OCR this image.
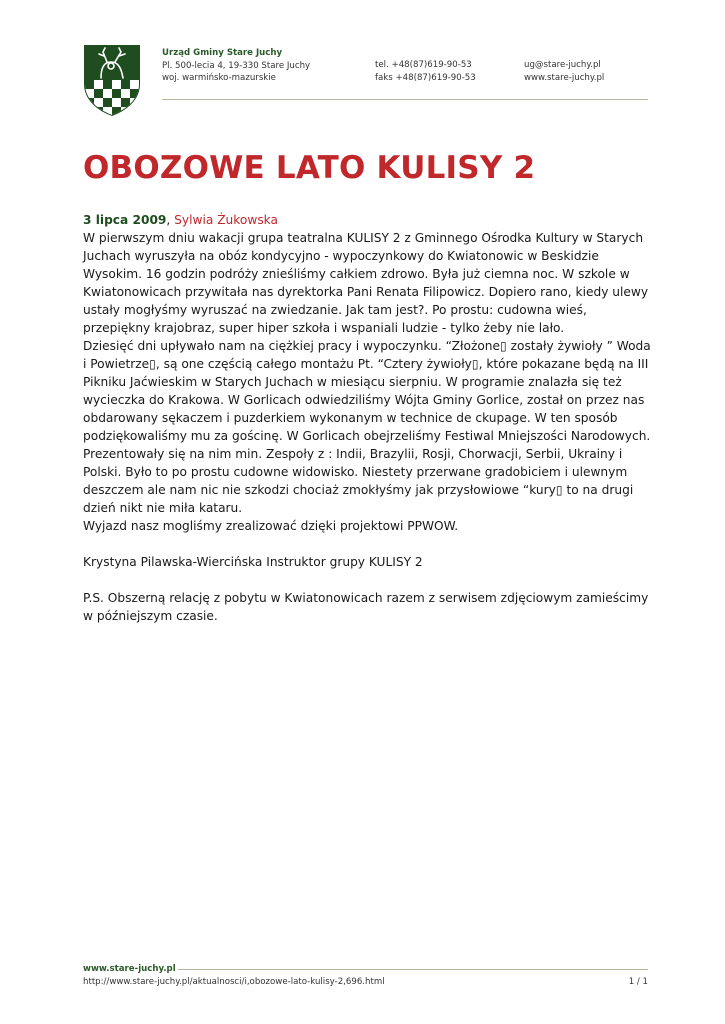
Urząd Gminy Stare Juchy
Pl. 500-lecia 4, 19-330 Stare Juchy
woj. warmińsko-mazurskie
tel. +48(87)619-90-53
faks +48(87)619-90-53
ug@stare-juchy.pl
www.stare-juchy.pl
OBOZOWE LATO KULISY 2
3 lipca 2009, Sylwia Żukowska

W pierwszym dniu wakacji grupa teatralna KULISY 2 z Gminnego Ośrodka Kultury w Starych Juchach wyruszyła na obóz kondycyjno - wypoczynkowy do Kwiatonowic w Beskidzie Wysokim. 16 godzin podróży znieśliśmy całkiem zdrowo. Była już ciemna noc. W szkole w Kwiatonowicach przywitała nas dyrektorka Pani Renata Filipowicz. Dopiero rano, kiedy ulewy ustały mogłyśmy wyruszać na zwiedzanie. Jak tam jest?. Po prostu: cudowna wieś, przepiękny krajobraz, super hiper szkoła i wspaniali ludzie - tylko żeby nie lało.

Dziesięć dni upływało nam na ciężkiej pracy i wypoczynku. “Złożone▯ zostały żywioły ” Woda i Powietrze▯, są one częścią całego montażu Pt. “Cztery żywioły▯, które pokazane będą na III Pikniku Jaćwieskim w Starych Juchach w miesiącu sierpniu. W programie znalazła się też wycieczka do Krakowa. W Gorlicach odwiedziliśmy Wójta Gminy Gorlice, został on przez nas obdarowany sękaczem i puzderkiem wykonanym w technice de ckupage. W ten sposób podziękowaliśmy mu za gościnę. W Gorlicach obejrzeliśmy Festiwal Mniejszości Narodowych. Prezentowały się na nim min. Zespoły z : Indii, Brazylii, Rosji, Chorwacji, Serbii, Ukrainy i Polski. Było to po prostu cudowne widowisko. Niestety przerwane gradobiciem i ulewnym deszczem ale nam nic nie szkodzi chociaż zmokłyśmy jak przysłowiowe “kury▯ to na drugi dzień nikt nie miła kataru.

Wyjazd nasz mogliśmy zrealizować dzięki projektowi PPWOW.

Krystyna Pilawska-Wiercińska Instruktor grupy KULISY 2

P.S. Obszerną relację z pobytu w Kwiatonowicach razem z serwisem zdjęciowym zamieścimy w późniejszym czasie.

www.stare-juchy.pl
http://www.stare-juchy.pl/aktualnosci/i,obozowe-lato-kulisy-2,696.html	1 / 1
